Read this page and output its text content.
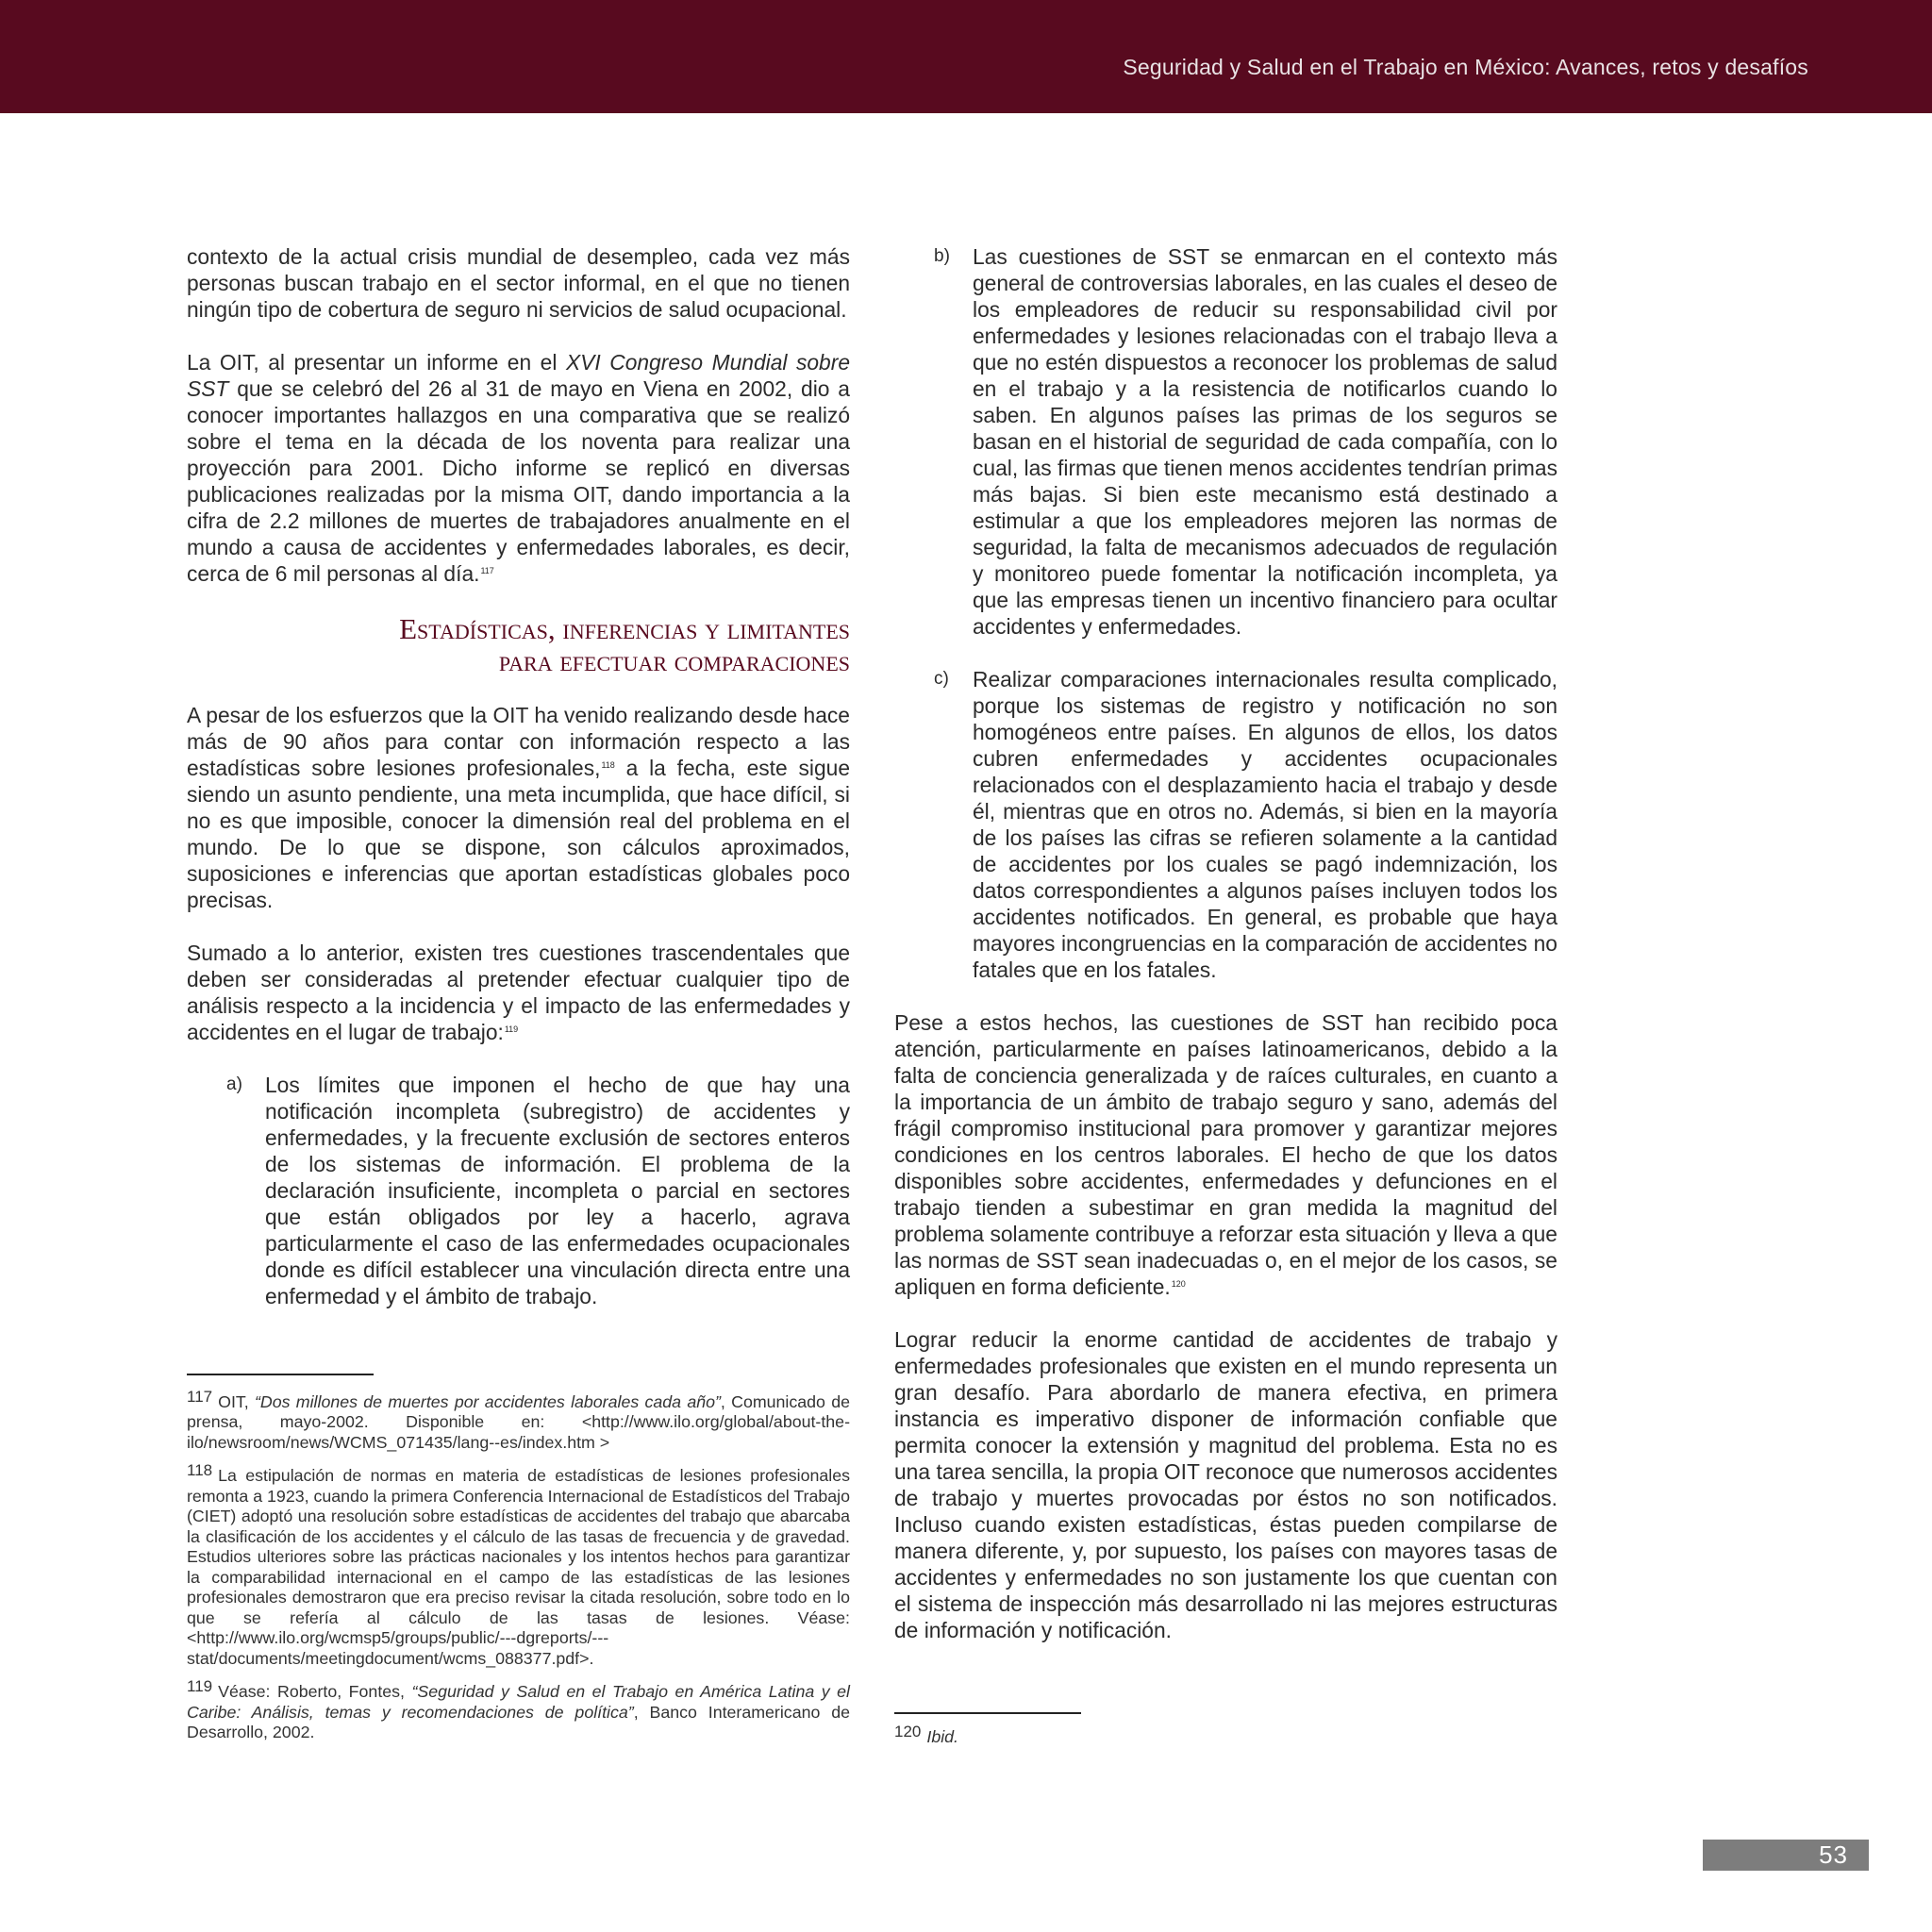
Seguridad y Salud en el Trabajo en México: Avances, retos y desafíos

contexto de la actual crisis mundial de desempleo, cada vez más personas buscan trabajo en el sector informal, en el que no tienen ningún tipo de cobertura de seguro ni servicios de salud ocupacional.

La OIT, al presentar un informe en el XVI Congreso Mundial sobre SST que se celebró del 26 al 31 de mayo en Viena en 2002, dio a conocer importantes hallazgos en una comparativa que se realizó sobre el tema en la década de los noventa para realizar una proyección para 2001. Dicho informe se replicó en diversas publicaciones realizadas por la misma OIT, dando importancia a la cifra de 2.2 millones de muertes de trabajadores anualmente en el mundo a causa de accidentes y enfermedades laborales, es decir, cerca de 6 mil personas al día.$^{117}$

Estadísticas, inferencias y limitantes
para efectuar comparaciones

A pesar de los esfuerzos que la OIT ha venido realizando desde hace más de 90 años para contar con información respecto a las estadísticas sobre lesiones profesionales,$^{118}$ a la fecha, este sigue siendo un asunto pendiente, una meta incumplida, que hace difícil, si no es que imposible, conocer la dimensión real del problema en el mundo. De lo que se dispone, son cálculos aproximados, suposiciones e inferencias que aportan estadísticas globales poco precisas.

Sumado a lo anterior, existen tres cuestiones trascendentales que deben ser consideradas al pretender efectuar cualquier tipo de análisis respecto a la incidencia y el impacto de las enfermedades y accidentes en el lugar de trabajo:$^{119}$

a)	Los límites que imponen el hecho de que hay una notificación incompleta (subregistro) de accidentes y enfermedades, y la frecuente exclusión de sectores enteros de los sistemas de información. El problema de la declaración insuficiente, incompleta o parcial en sectores que están obligados por ley a hacerlo, agrava particularmente el caso de las enfermedades ocupacionales donde es difícil establecer una vinculación directa entre una enfermedad y el ámbito de trabajo.
b)	Las cuestiones de SST se enmarcan en el contexto más general de controversias laborales, en las cuales el deseo de los empleadores de reducir su responsabilidad civil por enfermedades y lesiones relacionadas con el trabajo lleva a que no estén dispuestos a reconocer los problemas de salud en el trabajo y a la resistencia de notificarlos cuando lo saben. En algunos países las primas de los seguros se basan en el historial de seguridad de cada compañía, con lo cual, las firmas que tienen menos accidentes tendrían primas más bajas. Si bien este mecanismo está destinado a estimular a que los empleadores mejoren las normas de seguridad, la falta de mecanismos adecuados de regulación y monitoreo puede fomentar la notificación incompleta, ya que las empresas tienen un incentivo financiero para ocultar accidentes y enfermedades.
c)	Realizar comparaciones internacionales resulta complicado, porque los sistemas de registro y notificación no son homogéneos entre países. En algunos de ellos, los datos cubren enfermedades y accidentes ocupacionales relacionados con el desplazamiento hacia el trabajo y desde él, mientras que en otros no. Además, si bien en la mayoría de los países las cifras se refieren solamente a la cantidad de accidentes por los cuales se pagó indemnización, los datos correspondientes a algunos países incluyen todos los accidentes notificados. En general, es probable que haya mayores incongruencias en la comparación de accidentes no fatales que en los fatales.

Pese a estos hechos, las cuestiones de SST han recibido poca atención, particularmente en países latinoamericanos, debido a la falta de conciencia generalizada y de raíces culturales, en cuanto a la importancia de un ámbito de trabajo seguro y sano, además del frágil compromiso institucional para promover y garantizar mejores condiciones en los centros laborales. El hecho de que los datos disponibles sobre accidentes, enfermedades y defunciones en el trabajo tienden a subestimar en gran medida la magnitud del problema solamente contribuye a reforzar esta situación y lleva a que las normas de SST sean inadecuadas o, en el mejor de los casos, se apliquen en forma deficiente.$^{120}$

Lograr reducir la enorme cantidad de accidentes de trabajo y enfermedades profesionales que existen en el mundo representa un gran desafío. Para abordarlo de manera efectiva, en primera instancia es imperativo disponer de información confiable que permita conocer la extensión y magnitud del problema. Esta no es una tarea sencilla, la propia OIT reconoce que numerosos accidentes de trabajo y muertes provocadas por éstos no son notificados. Incluso cuando existen estadísticas, éstas pueden compilarse de manera diferente, y, por supuesto, los países con mayores tasas de accidentes y enfermedades no son justamente los que cuentan con el sistema de inspección más desarrollado ni las mejores estructuras de información y notificación.

117 OIT, “Dos millones de muertes por accidentes laborales cada año”, Comunicado de prensa, mayo-2002. Disponible en: <http://www.ilo.org/global/about-the-ilo/newsroom/news/WCMS_071435/lang--es/index.htm >
118 La estipulación de normas en materia de estadísticas de lesiones profesionales remonta a 1923, cuando la primera Conferencia Internacional de Estadísticos del Trabajo (CIET) adoptó una resolución sobre estadísticas de accidentes del trabajo que abarcaba la clasificación de los accidentes y el cálculo de las tasas de frecuencia y de gravedad. Estudios ulteriores sobre las prácticas nacionales y los intentos hechos para garantizar la comparabilidad internacional en el campo de las estadísticas de las lesiones profesionales demostraron que era preciso revisar la citada resolución, sobre todo en lo que se refería al cálculo de las tasas de lesiones. Véase: <http://www.ilo.org/wcmsp5/groups/public/---dgreports/---stat/documents/meetingdocument/wcms_088377.pdf>.
119 Véase: Roberto, Fontes, “Seguridad y Salud en el Trabajo en América Latina y el Caribe: Análisis, temas y recomendaciones de política”, Banco Interamericano de Desarrollo, 2002.	120 Ibid.
53
